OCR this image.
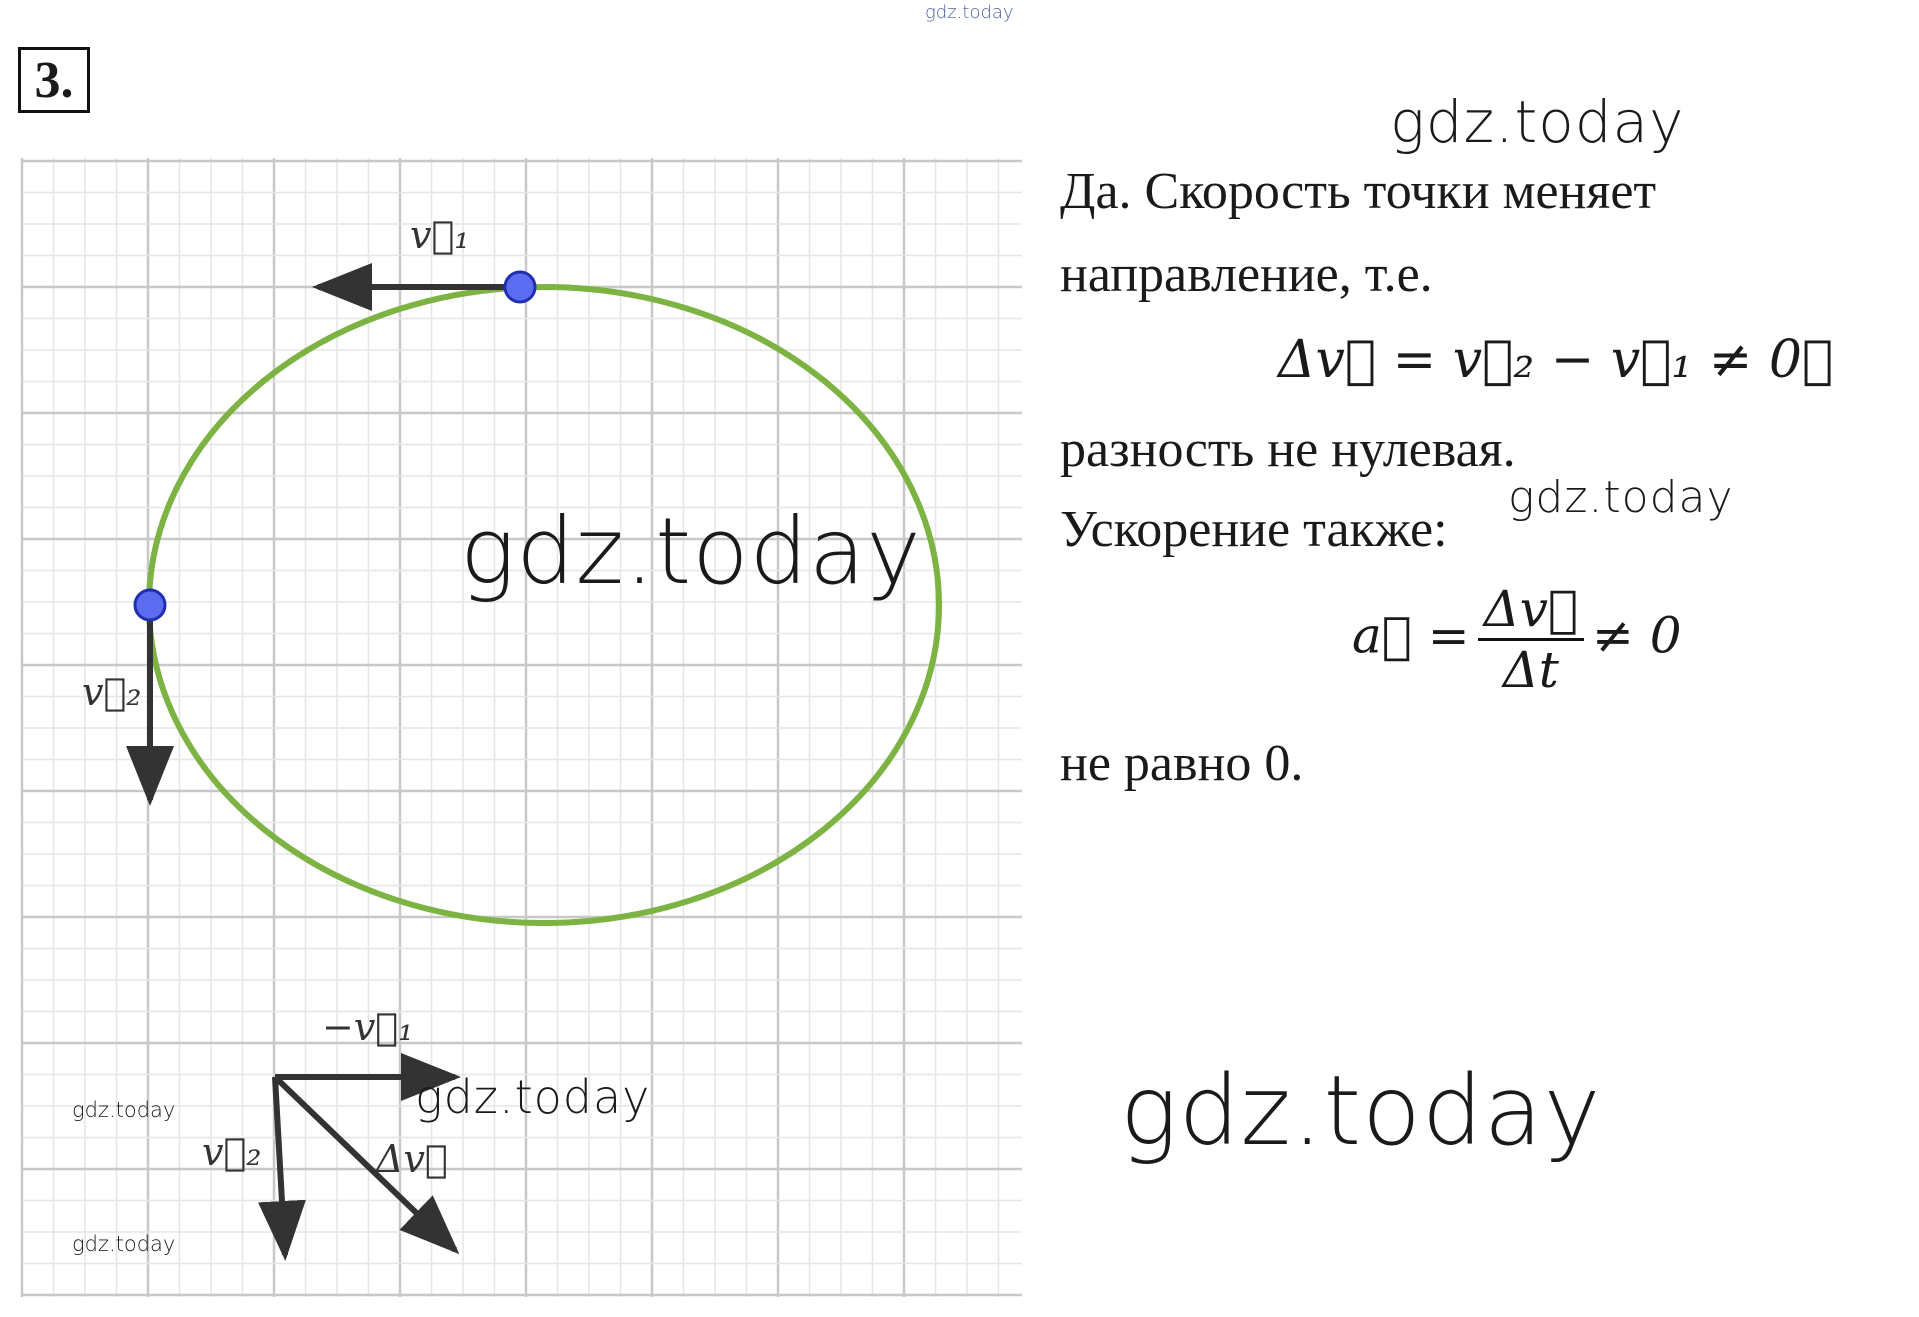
gdz.today
3.
v⃗₁
v⃗₂
−v⃗₁
v⃗₂	Δv⃗
gdz.today
gdz.today
gdz.today
gdz.today
gdz.today
Да. Скорость точки меняет
направление, т.е.
Δv⃗ = v⃗₂ − v⃗₁ ≠ 0⃗
разность не нулевая.
Ускорение также:
gdz.today
a⃗ = $\frac{\Delta v⃗}{\Delta t} \ne 0$
не равно 0.
gdz.today
